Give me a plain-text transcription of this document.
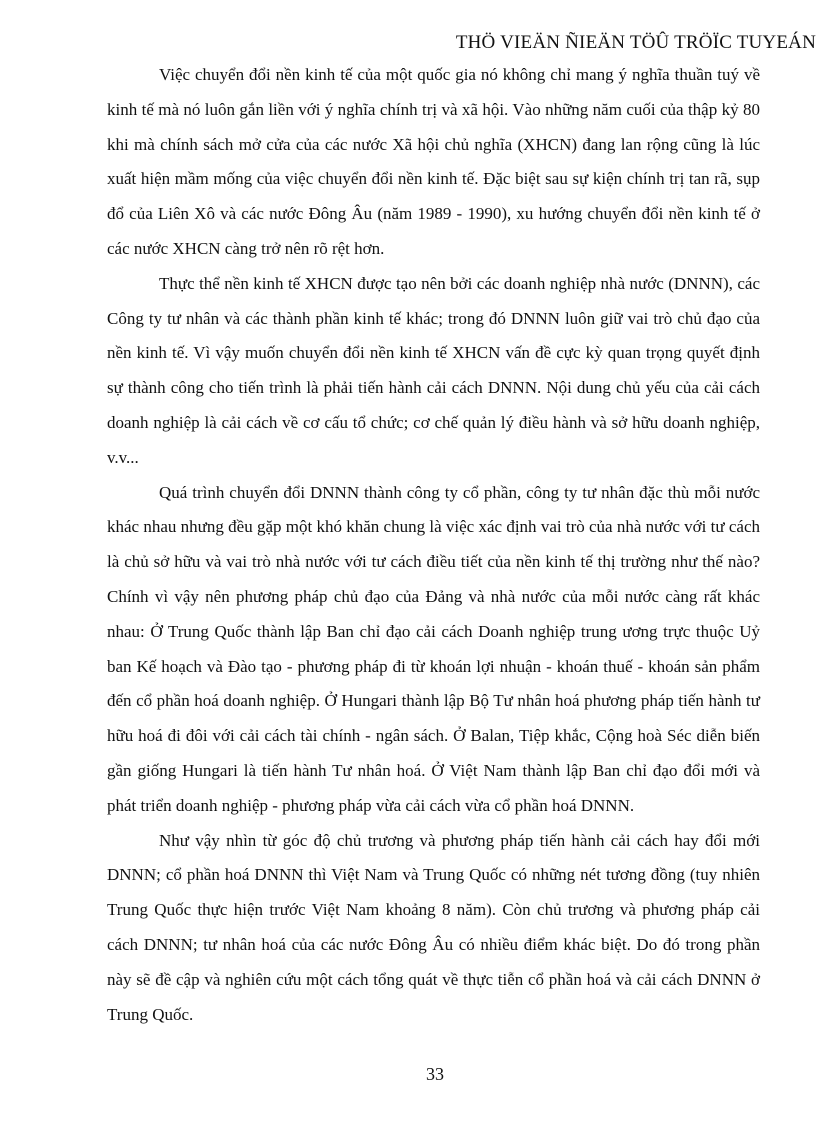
THÖ VIEÄN ÑIEÄN TÖÛ TRÖÏC TUYEÁN

Việc chuyển đổi nền kinh tế của một quốc gia nó không chỉ mang ý nghĩa thuần tuý về kinh tế mà nó luôn gắn liền với ý nghĩa chính trị và xã hội. Vào những năm cuối của thập kỷ 80 khi mà chính sách mở cửa của các nước Xã hội chủ nghĩa (XHCN) đang lan rộng cũng là lúc xuất hiện mầm mống của việc chuyển đổi nền kinh tế. Đặc biệt sau sự kiện chính trị tan rã, sụp đổ của Liên Xô và các nước Đông Âu (năm 1989 - 1990), xu hướng chuyển đổi nền kinh tế ở các nước XHCN càng trở nên rõ rệt hơn.

Thực thể nền kinh tế XHCN được tạo nên bởi các doanh nghiệp nhà nước (DNNN), các Công ty tư nhân và các thành phần kinh tế khác; trong đó DNNN luôn giữ vai trò chủ đạo của nền kinh tế. Vì vậy muốn chuyển đổi nền kinh tế XHCN vấn đề cực kỳ quan trọng quyết định sự thành công cho tiến trình là phải tiến hành cải cách DNNN. Nội dung chủ yếu của cải cách doanh nghiệp là cải cách về cơ cấu tổ chức; cơ chế quản lý điều hành và sở hữu doanh nghiệp, v.v...

Quá trình chuyển đổi DNNN thành công ty cổ phần, công ty tư nhân đặc thù mỗi nước khác nhau nhưng đều gặp một khó khăn chung là việc xác định vai trò của nhà nước với tư cách là chủ sở hữu và vai trò nhà nước với tư cách điều tiết của nền kinh tế thị trường như thế nào? Chính vì vậy nên phương pháp chủ đạo của Đảng và nhà nước của mỗi nước càng rất khác nhau: Ở Trung Quốc thành lập Ban chỉ đạo cải cách Doanh nghiệp trung ương trực thuộc Uỷ ban Kế hoạch và Đào tạo - phương pháp đi từ khoán lợi nhuận - khoán thuế - khoán sản phẩm đến cổ phần hoá doanh nghiệp. Ở Hungari thành lập Bộ Tư nhân hoá phương pháp tiến hành tư hữu hoá đi đôi với cải cách tài chính - ngân sách. Ở Balan, Tiệp khắc, Cộng hoà Séc diễn biến gần giống Hungari là tiến hành Tư nhân hoá. Ở Việt Nam thành lập Ban chỉ đạo đổi mới và phát triển doanh nghiệp - phương pháp vừa cải cách vừa cổ phần hoá DNNN.

Như vậy nhìn từ góc độ chủ trương và phương pháp tiến hành cải cách hay đổi mới DNNN; cổ phần hoá DNNN thì Việt Nam và Trung Quốc có những nét tương đồng (tuy nhiên Trung Quốc thực hiện trước Việt Nam khoảng 8 năm). Còn chủ trương và phương pháp cải cách DNNN; tư nhân hoá của các nước Đông Âu có nhiều điểm khác biệt. Do đó trong phần này sẽ đề cập và nghiên cứu một cách tổng quát về thực tiễn cổ phần hoá và cải cách DNNN ở Trung Quốc.

33
